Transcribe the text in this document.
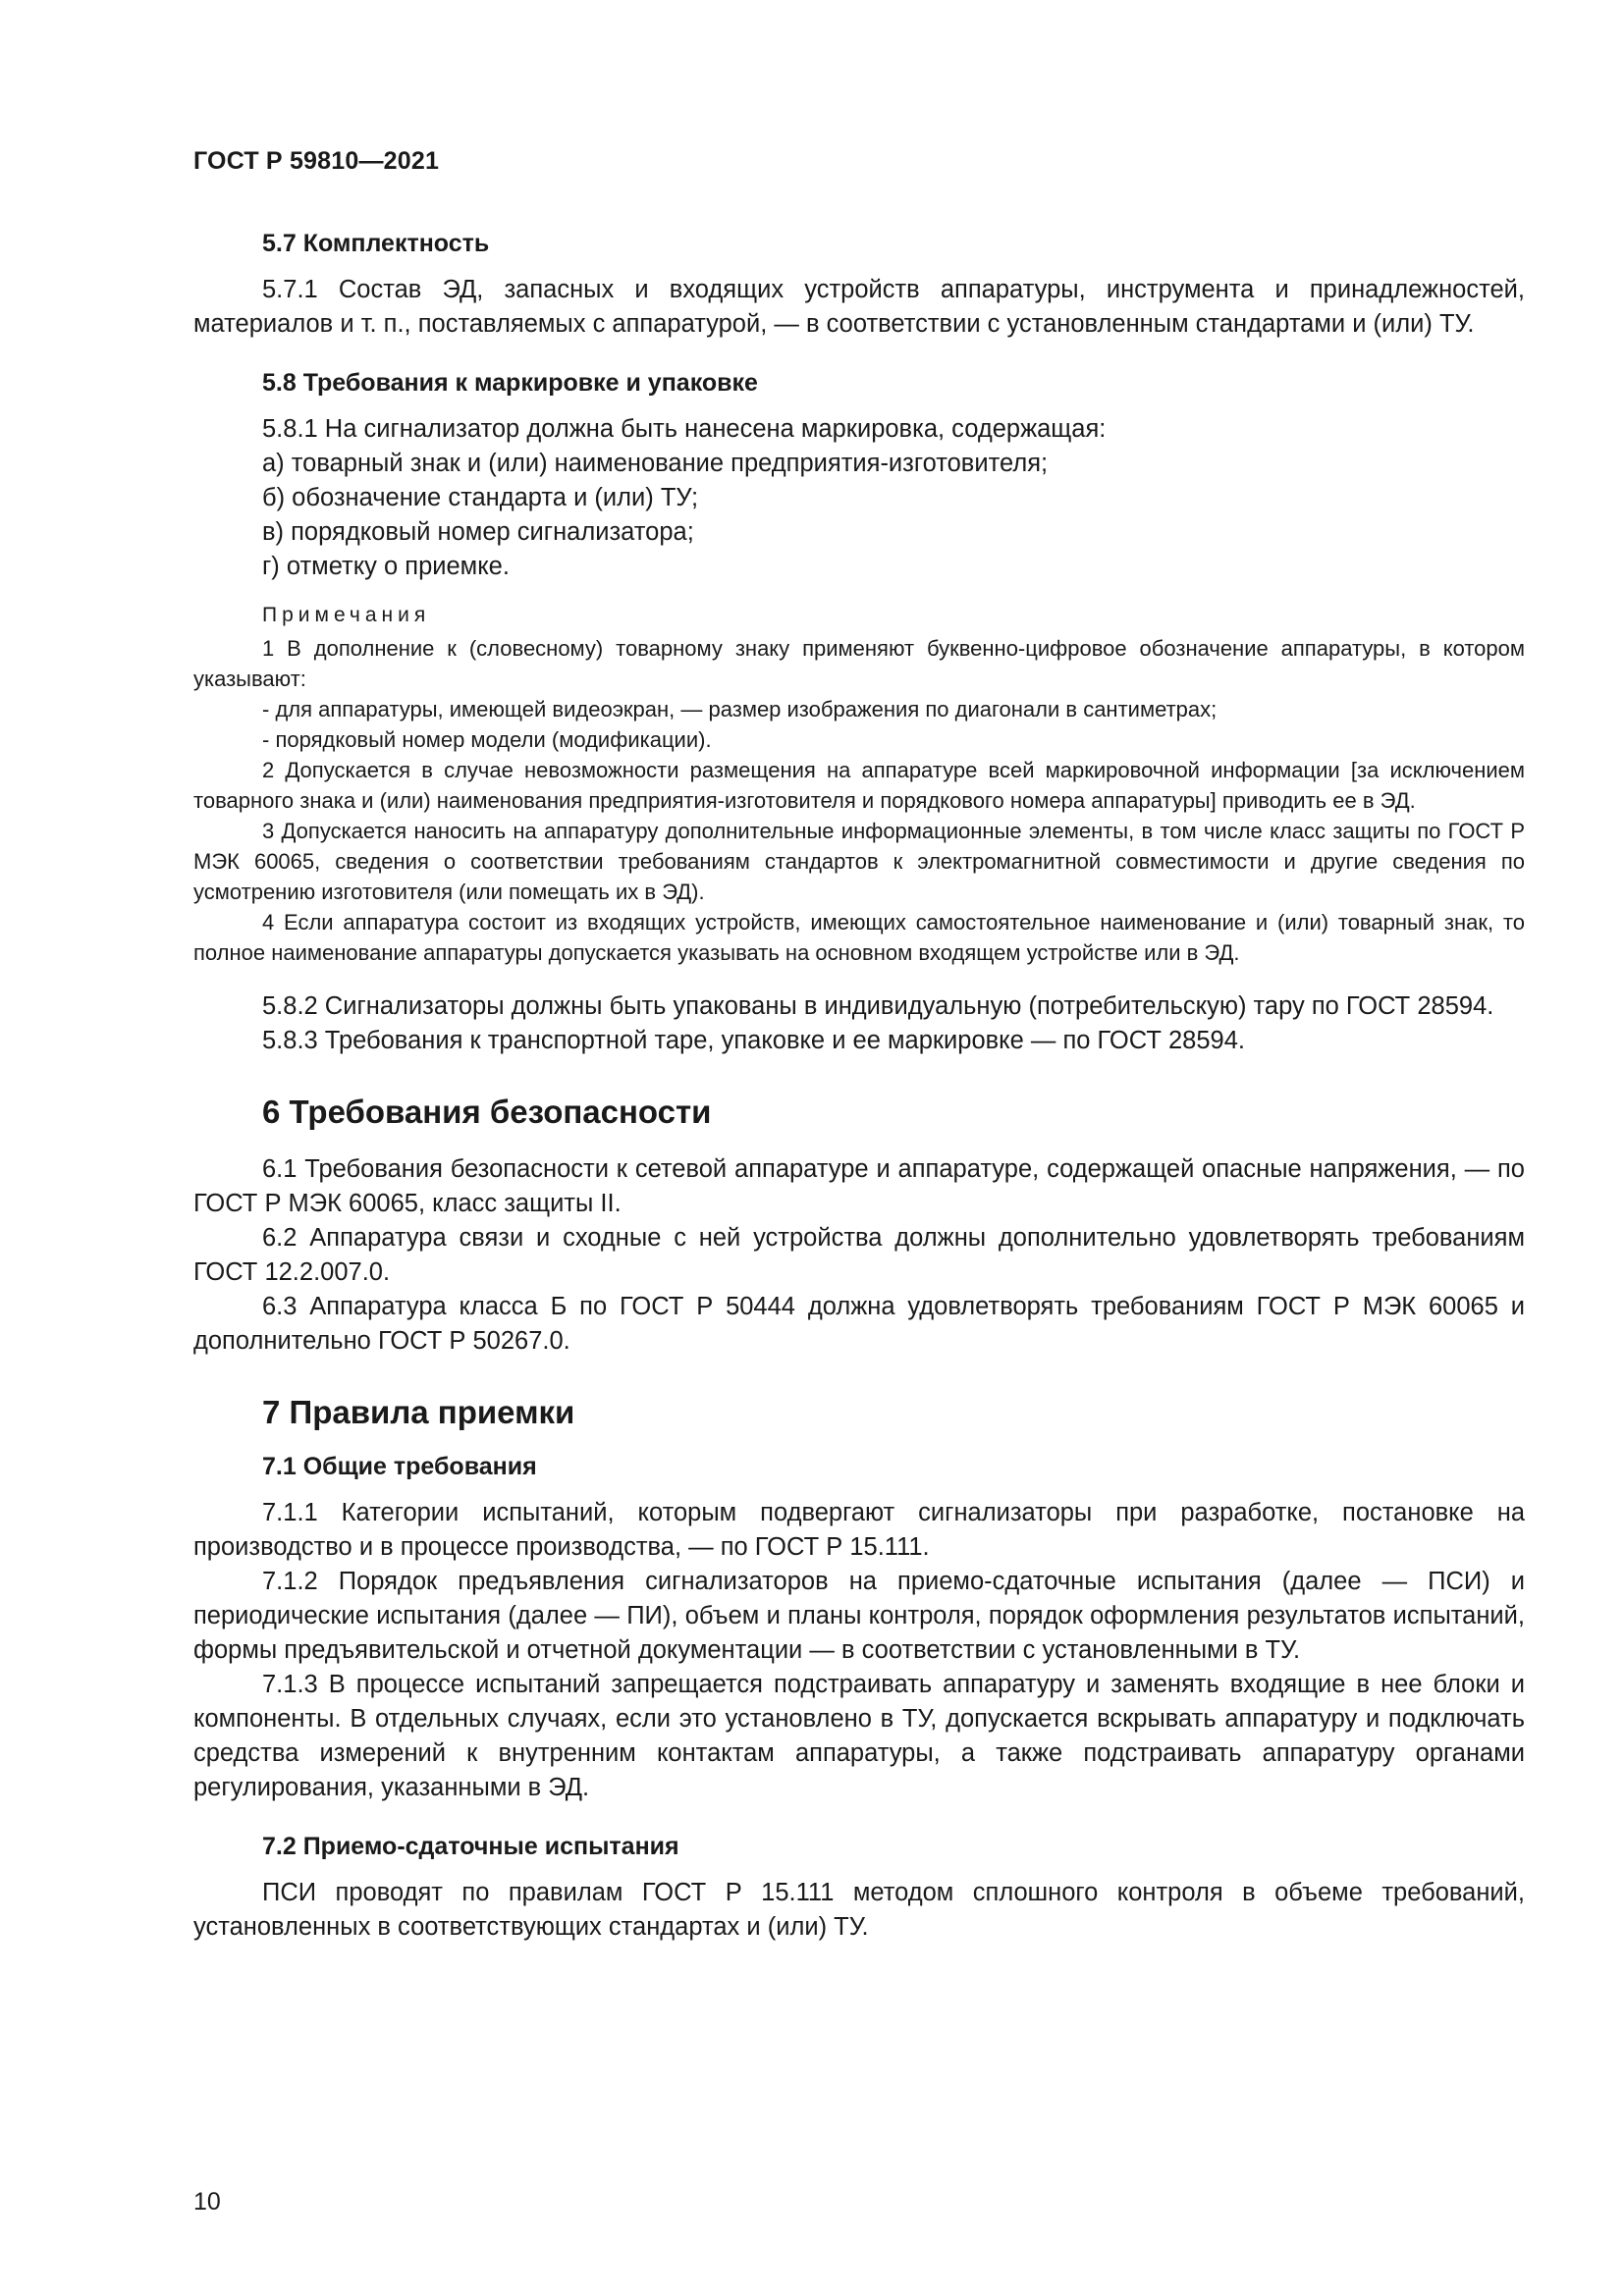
ГОСТ Р 59810—2021
5.7 Комплектность

5.7.1 Состав ЭД, запасных и входящих устройств аппаратуры, инструмента и принадлежностей, материалов и т. п., поставляемых с аппаратурой, — в соответствии с установленным стандартами и (или) ТУ.

5.8 Требования к маркировке и упаковке

5.8.1 На сигнализатор должна быть нанесена маркировка, содержащая:

а) товарный знак и (или) наименование предприятия-изготовителя;
б) обозначение стандарта и (или) ТУ;
в) порядковый номер сигнализатора;
г) отметку о приемке.
Примечания

1 В дополнение к (словесному) товарному знаку применяют буквенно-цифровое обозначение аппаратуры, в котором указывают:

- для аппаратуры, имеющей видеоэкран, — размер изображения по диагонали в сантиметрах;
- порядковый номер модели (модификации).

2 Допускается в случае невозможности размещения на аппаратуре всей маркировочной информации [за исключением товарного знака и (или) наименования предприятия-изготовителя и порядкового номера аппаратуры] приводить ее в ЭД.

3 Допускается наносить на аппаратуру дополнительные информационные элементы, в том числе класс защиты по ГОСТ Р МЭК 60065, сведения о соответствии требованиям стандартов к электромагнитной совместимости и другие сведения по усмотрению изготовителя (или помещать их в ЭД).

4 Если аппаратура состоит из входящих устройств, имеющих самостоятельное наименование и (или) товарный знак, то полное наименование аппаратуры допускается указывать на основном входящем устройстве или в ЭД.

5.8.2 Сигнализаторы должны быть упакованы в индивидуальную (потребительскую) тару по ГОСТ 28594.

5.8.3 Требования к транспортной таре, упаковке и ее маркировке — по ГОСТ 28594.

6 Требования безопасности

6.1 Требования безопасности к сетевой аппаратуре и аппаратуре, содержащей опасные напряжения, — по ГОСТ Р МЭК 60065, класс защиты II.

6.2 Аппаратура связи и сходные с ней устройства должны дополнительно удовлетворять требованиям ГОСТ 12.2.007.0.

6.3 Аппаратура класса Б по ГОСТ Р 50444 должна удовлетворять требованиям ГОСТ Р МЭК 60065 и дополнительно ГОСТ Р 50267.0.

7 Правила приемки
7.1 Общие требования

7.1.1 Категории испытаний, которым подвергают сигнализаторы при разработке, постановке на производство и в процессе производства, — по ГОСТ Р 15.111.

7.1.2 Порядок предъявления сигнализаторов на приемо-сдаточные испытания (далее — ПСИ) и периодические испытания (далее — ПИ), объем и планы контроля, порядок оформления результатов испытаний, формы предъявительской и отчетной документации — в соответствии с установленными в ТУ.

7.1.3 В процессе испытаний запрещается подстраивать аппаратуру и заменять входящие в нее блоки и компоненты. В отдельных случаях, если это установлено в ТУ, допускается вскрывать аппаратуру и подключать средства измерений к внутренним контактам аппаратуры, а также подстраивать аппаратуру органами регулирования, указанными в ЭД.

7.2 Приемо-сдаточные испытания

ПСИ проводят по правилам ГОСТ Р 15.111 методом сплошного контроля в объеме требований, установленных в соответствующих стандартах и (или) ТУ.

10
